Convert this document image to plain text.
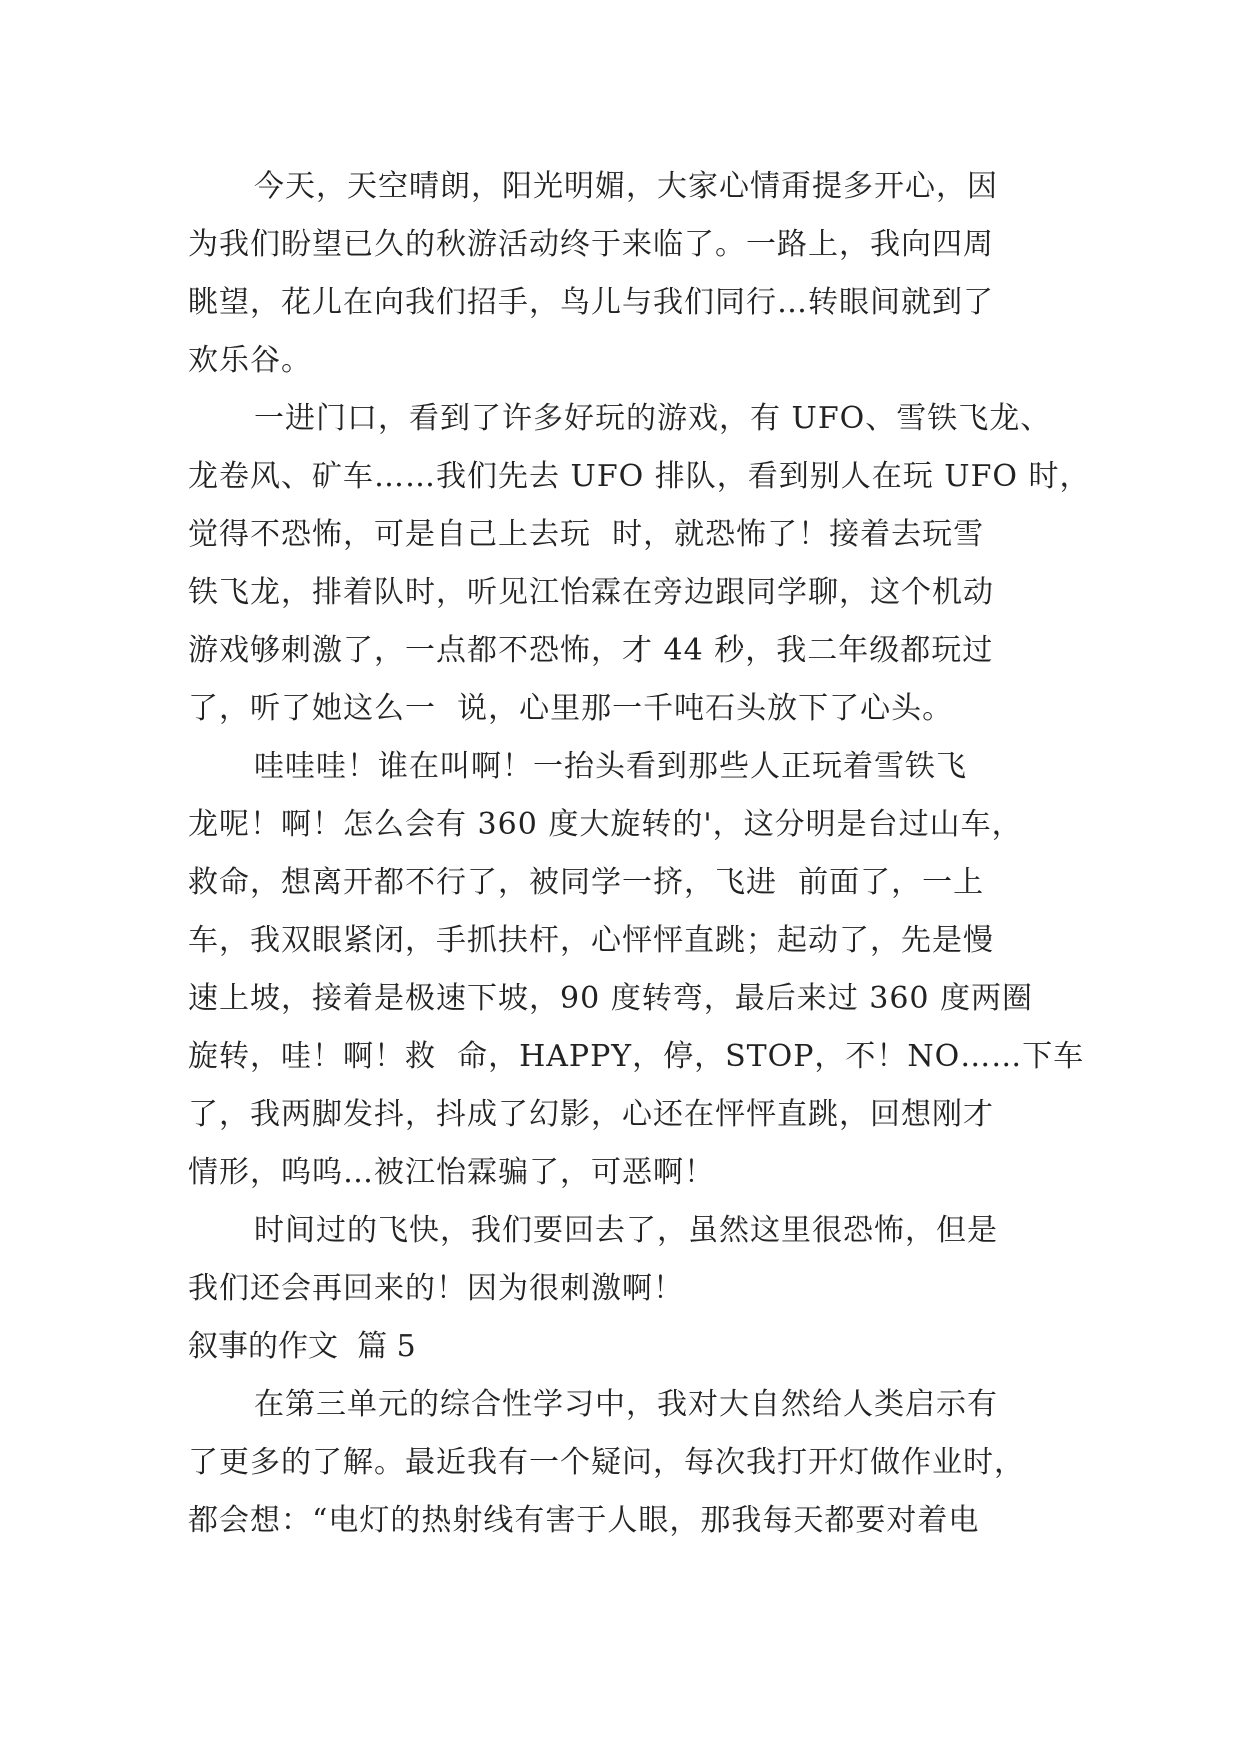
今天，天空晴朗，阳光明媚，大家心情甭提多开心，因
为我们盼望已久的秋游活动终于来临了。一路上，我向四周
眺望，花儿在向我们招手，鸟儿与我们同行…转眼间就到了
欢乐谷。
一进门口，看到了许多好玩的游戏，有 UFO、雪铁飞龙、
龙卷风、矿车……我们先去 UFO 排队，看到别人在玩 UFO 时，
觉得不恐怖，可是自己上去玩  时，就恐怖了！接着去玩雪
铁飞龙，排着队时，听见江怡霖在旁边跟同学聊，这个机动
游戏够刺激了，一点都不恐怖，才 44 秒，我二年级都玩过
了，听了她这么一  说，心里那一千吨石头放下了心头。
哇哇哇！谁在叫啊！一抬头看到那些人正玩着雪铁飞
龙呢！啊！怎么会有 360 度大旋转的'，这分明是台过山车，
救命，想离开都不行了，被同学一挤，飞进  前面了，一上
车，我双眼紧闭，手抓扶杆，心怦怦直跳；起动了，先是慢
速上坡，接着是极速下坡，90 度转弯，最后来过 360 度两圈
旋转，哇！啊！救  命，HAPPY，停，STOP，不！NO……下车
了，我两脚发抖，抖成了幻影，心还在怦怦直跳，回想刚才
情形，呜呜…被江怡霖骗了，可恶啊！
时间过的飞快，我们要回去了，虽然这里很恐怖，但是
我们还会再回来的！因为很刺激啊！
叙事的作文  篇 5
在第三单元的综合性学习中，我对大自然给人类启示有
了更多的了解。最近我有一个疑问，每次我打开灯做作业时，
都会想：“电灯的热射线有害于人眼，那我每天都要对着电
